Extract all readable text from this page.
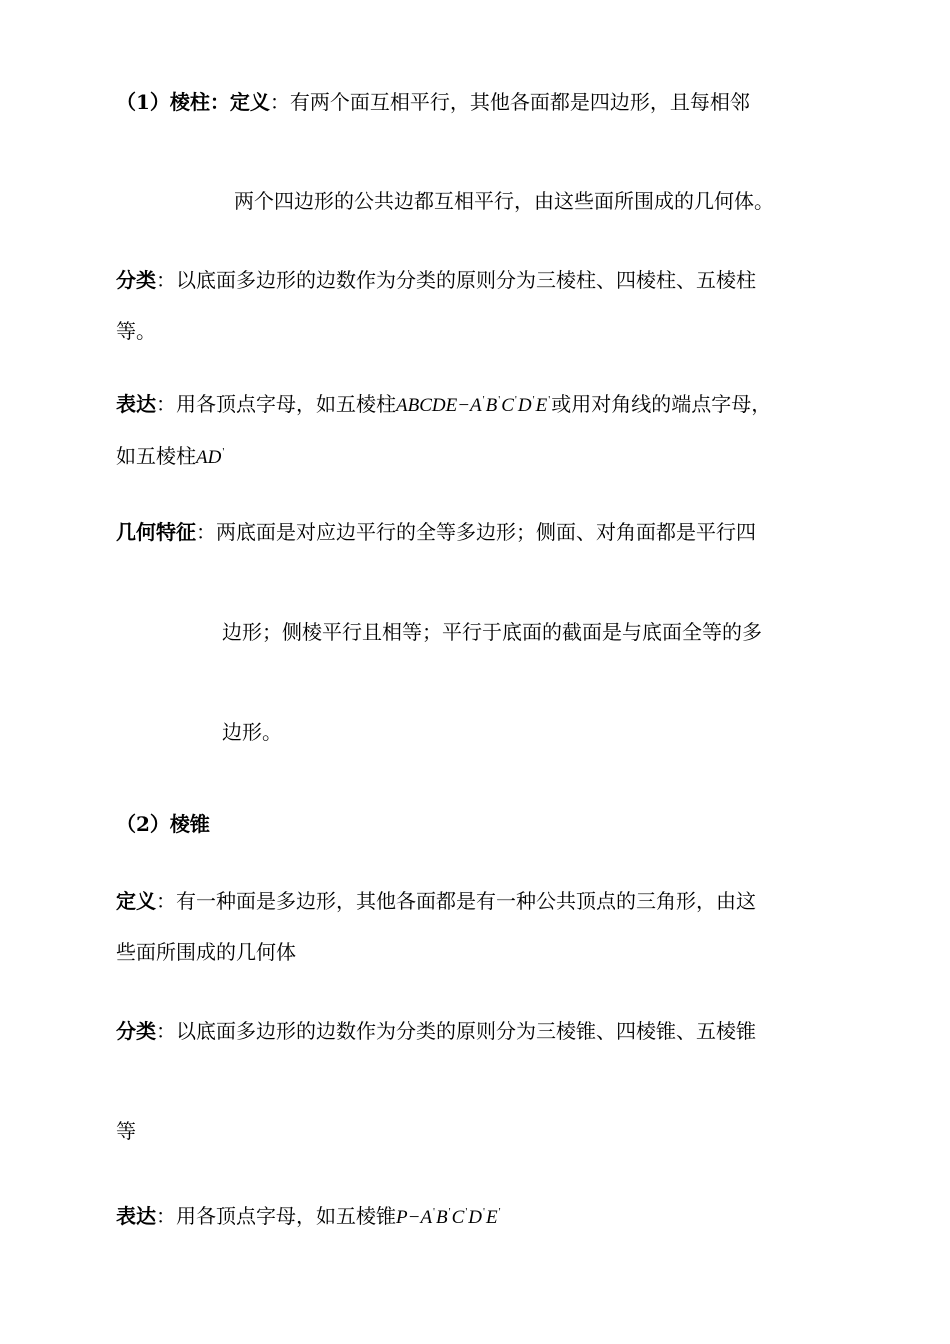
（1）棱柱：定义：有两个面互相平行，其他各面都是四边形，且每相邻
两个四边形的公共边都互相平行，由这些面所围成的几何体。
分类：以底面多边形的边数作为分类的原则分为三棱柱、四棱柱、五棱柱
等。
表达：用各顶点字母，如五棱柱ABCDE−A'B'C'D'E'或用对角线的端点字母，
如五棱柱AD'
几何特征：两底面是对应边平行的全等多边形；侧面、对角面都是平行四
边形；侧棱平行且相等；平行于底面的截面是与底面全等的多
边形。
（2）棱锥
定义：有一种面是多边形，其他各面都是有一种公共顶点的三角形，由这
些面所围成的几何体
分类：以底面多边形的边数作为分类的原则分为三棱锥、四棱锥、五棱锥
等
表达：用各顶点字母，如五棱锥P−A'B'C'D'E'
